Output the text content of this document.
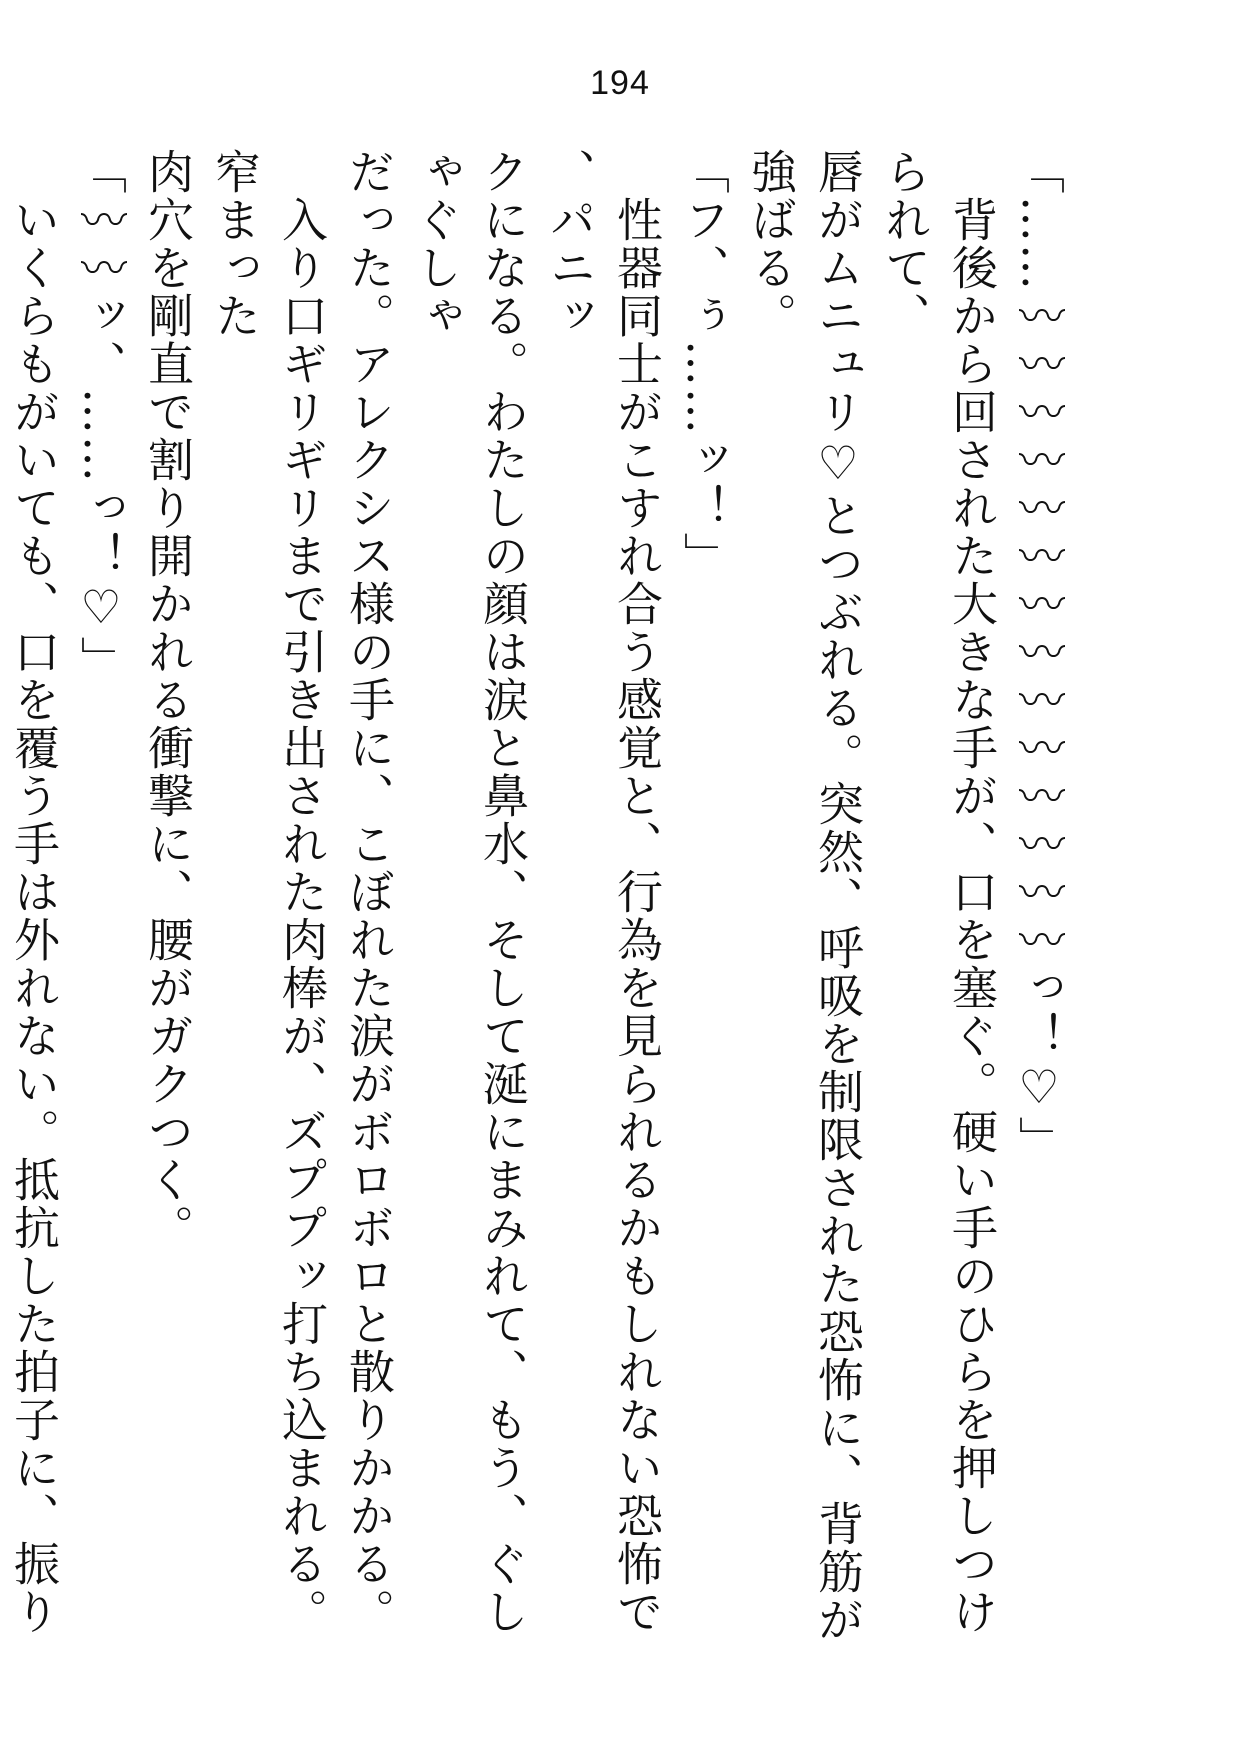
194
「……〰〰〰〰〰〰〰〰〰〰〰〰〰〰っ！♡」
　背後から回された大きな手が、口を塞ぐ。硬い手のひらを押しつけられて、
唇がムニュリ♡とつぶれる。突然、呼吸を制限された恐怖に、背筋が強ばる。
「フ、ぅ……ッ！」
　性器同士がこすれ合う感覚と、行為を見られるかもしれない恐怖で、パニッ
クになる。わたしの顔は涙と鼻水、そして涎にまみれて、もう、ぐしゃぐしゃ
だった。アレクシス様の手に、こぼれた涙がボロボロと散りかかる。
　入り口ギリギリまで引き出された肉棒が、ズププッ打ち込まれる。窄まった
肉穴を剛直で割り開かれる衝撃に、腰がガクつく。
「〰〰ッ、……っ！♡」
　いくらもがいても、口を覆う手は外れない。抵抗した拍子に、振り
